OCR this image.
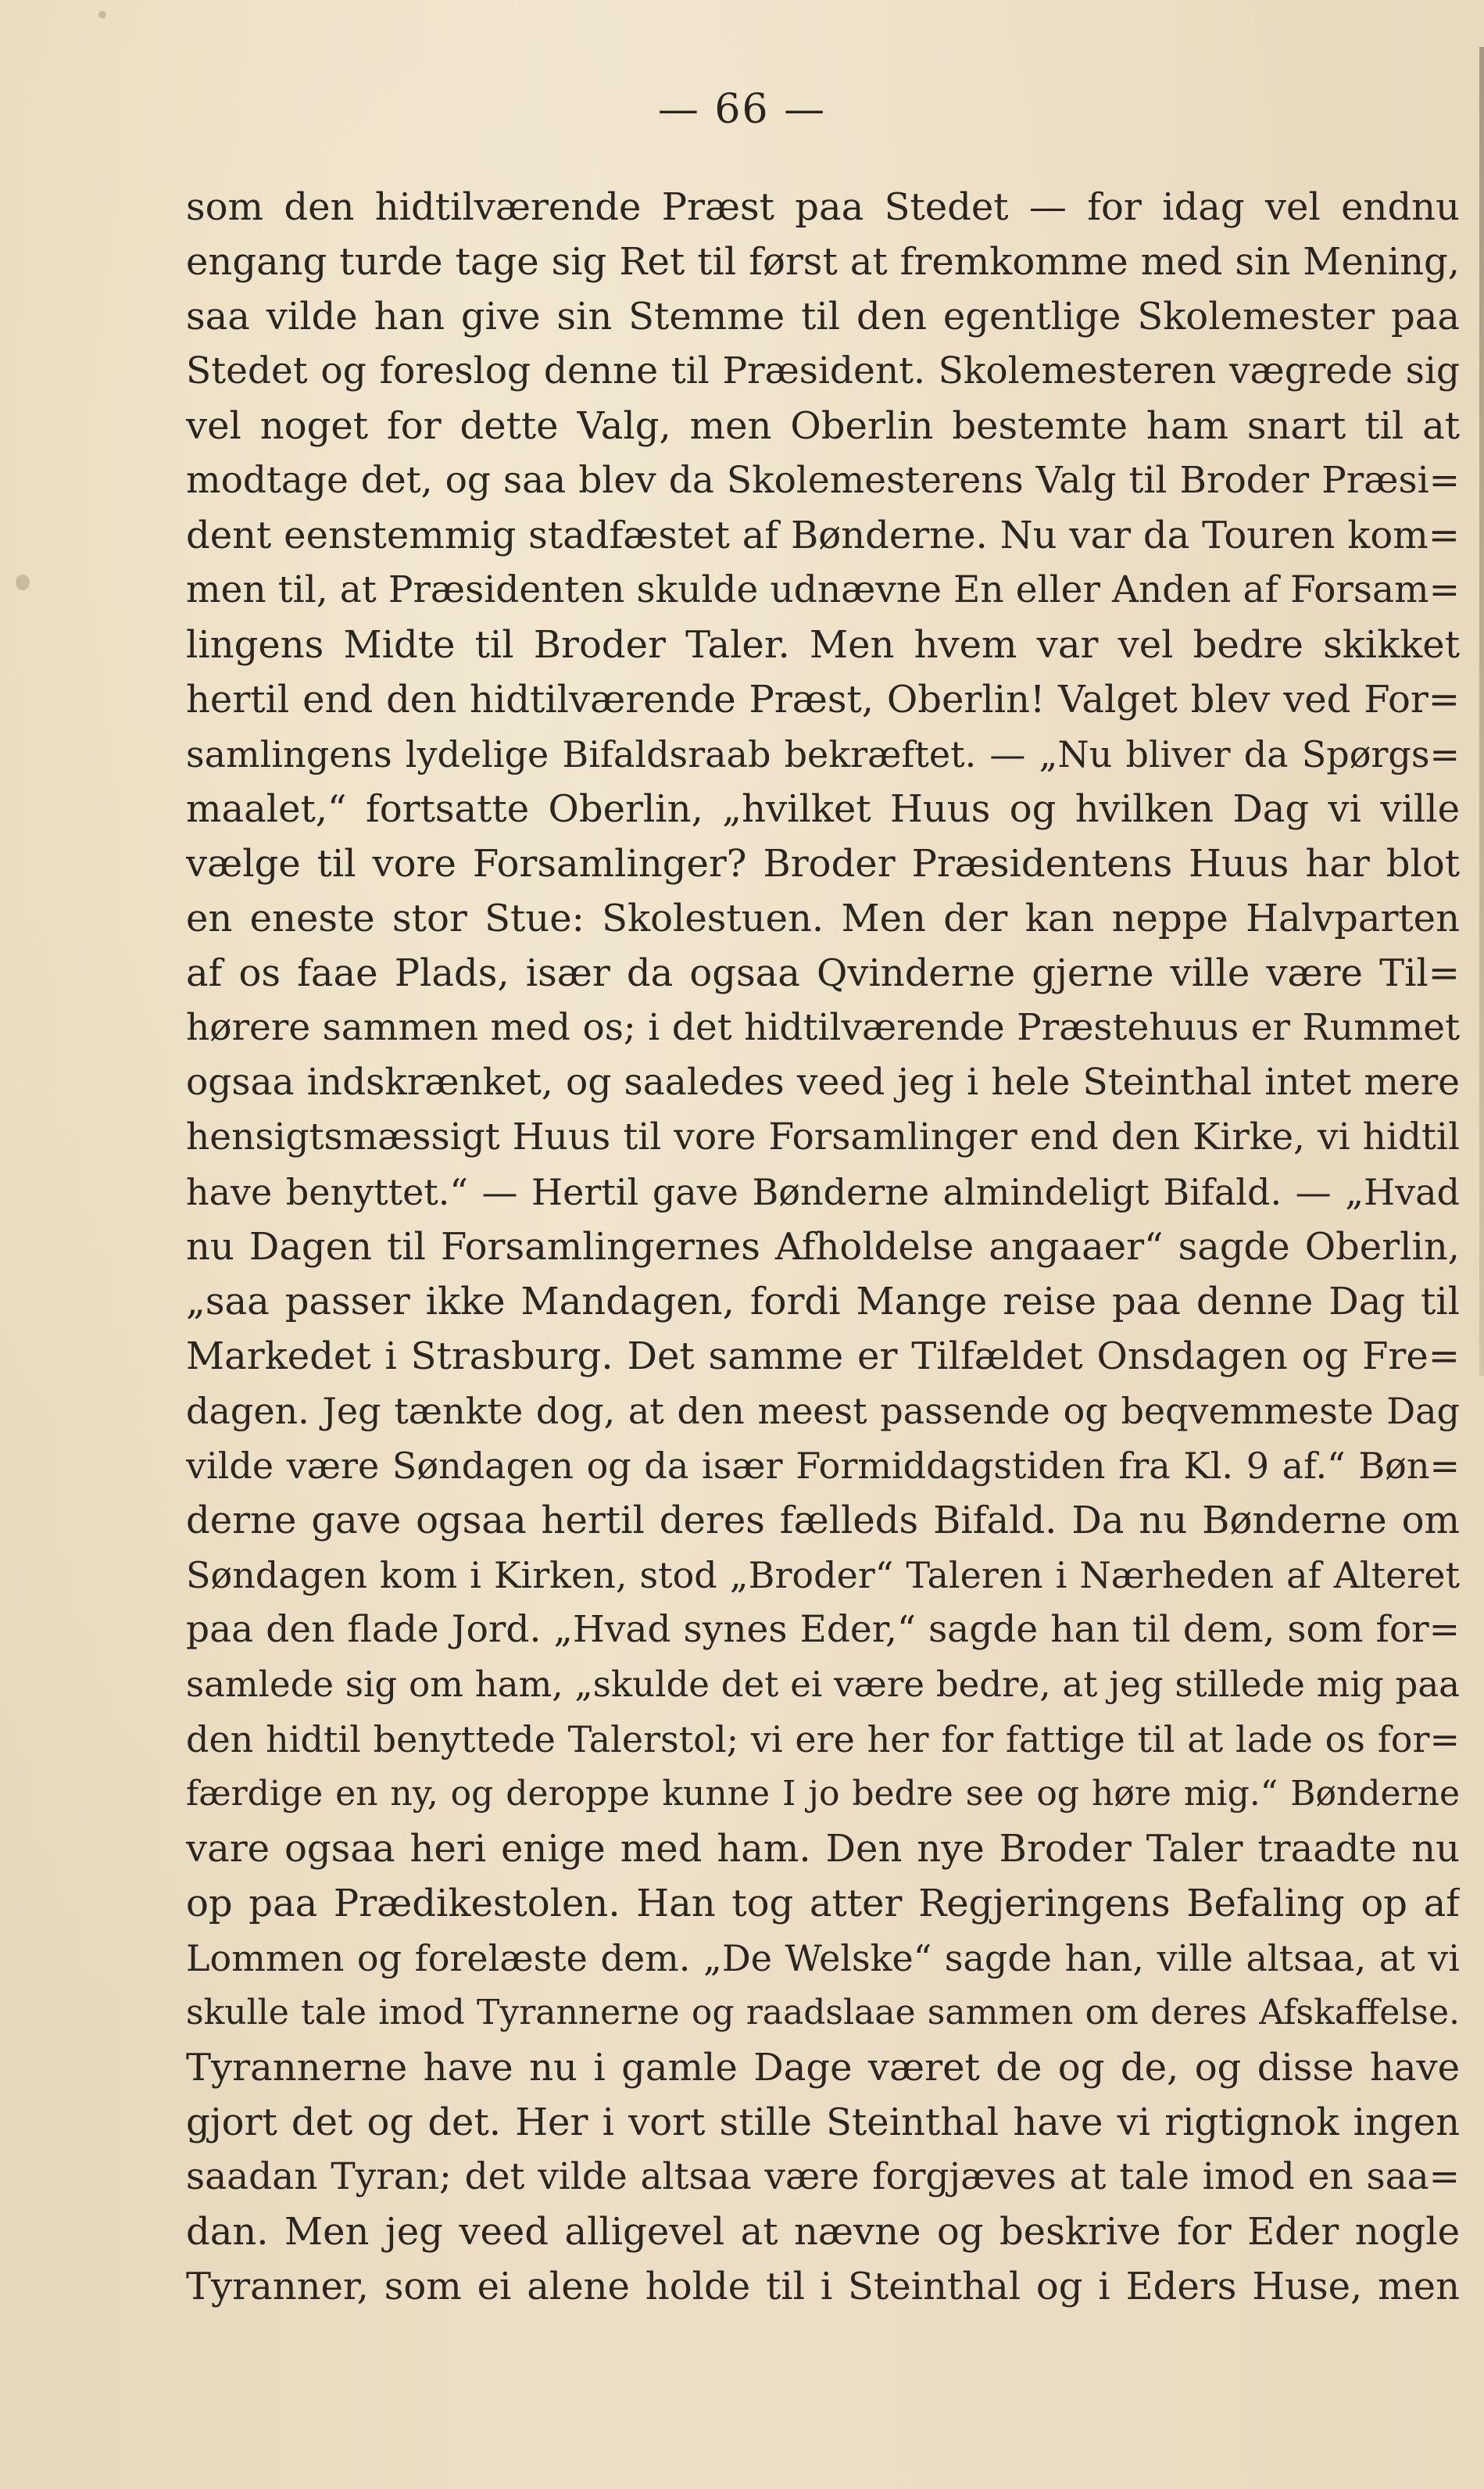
— 66 —
som den hidtilværende Præst paa Stedet — for idag vel endnu
engang turde tage sig Ret til først at fremkomme med sin Mening,
saa vilde han give sin Stemme til den egentlige Skolemester paa
Stedet og foreslog denne til Præsident. Skolemesteren vægrede sig
vel noget for dette Valg, men Oberlin bestemte ham snart til at
modtage det, og saa blev da Skolemesterens Valg til Broder Præsi=
dent eenstemmig stadfæstet af Bønderne. Nu var da Touren kom=
men til, at Præsidenten skulde udnævne En eller Anden af Forsam=
lingens Midte til Broder Taler. Men hvem var vel bedre skikket
hertil end den hidtilværende Præst, Oberlin! Valget blev ved For=
samlingens lydelige Bifaldsraab bekræftet. — „Nu bliver da Spørgs=
maalet,“ fortsatte Oberlin, „hvilket Huus og hvilken Dag vi ville
vælge til vore Forsamlinger? Broder Præsidentens Huus har blot
en eneste stor Stue: Skolestuen. Men der kan neppe Halvparten
af os faae Plads, især da ogsaa Qvinderne gjerne ville være Til=
hørere sammen med os; i det hidtilværende Præstehuus er Rummet
ogsaa indskrænket, og saaledes veed jeg i hele Steinthal intet mere
hensigtsmæssigt Huus til vore Forsamlinger end den Kirke, vi hidtil
have benyttet.“ — Hertil gave Bønderne almindeligt Bifald. — „Hvad
nu Dagen til Forsamlingernes Afholdelse angaaer“ sagde Oberlin,
„saa passer ikke Mandagen, fordi Mange reise paa denne Dag til
Markedet i Strasburg. Det samme er Tilfældet Onsdagen og Fre=
dagen. Jeg tænkte dog, at den meest passende og beqvemmeste Dag
vilde være Søndagen og da især Formiddagstiden fra Kl. 9 af.“ Bøn=
derne gave ogsaa hertil deres fælleds Bifald. Da nu Bønderne om
Søndagen kom i Kirken, stod „Broder“ Taleren i Nærheden af Alteret
paa den flade Jord. „Hvad synes Eder,“ sagde han til dem, som for=
samlede sig om ham, „skulde det ei være bedre, at jeg stillede mig paa
den hidtil benyttede Talerstol; vi ere her for fattige til at lade os for=
færdige en ny, og deroppe kunne I jo bedre see og høre mig.“ Bønderne
vare ogsaa heri enige med ham. Den nye Broder Taler traadte nu
op paa Prædikestolen. Han tog atter Regjeringens Befaling op af
Lommen og forelæste dem. „De Welske“ sagde han, ville altsaa, at vi
skulle tale imod Tyrannerne og raadslaae sammen om deres Afskaffelse.
Tyrannerne have nu i gamle Dage været de og de, og disse have
gjort det og det. Her i vort stille Steinthal have vi rigtignok ingen
saadan Tyran; det vilde altsaa være forgjæves at tale imod en saa=
dan. Men jeg veed alligevel at nævne og beskrive for Eder nogle
Tyranner, som ei alene holde til i Steinthal og i Eders Huse, men
